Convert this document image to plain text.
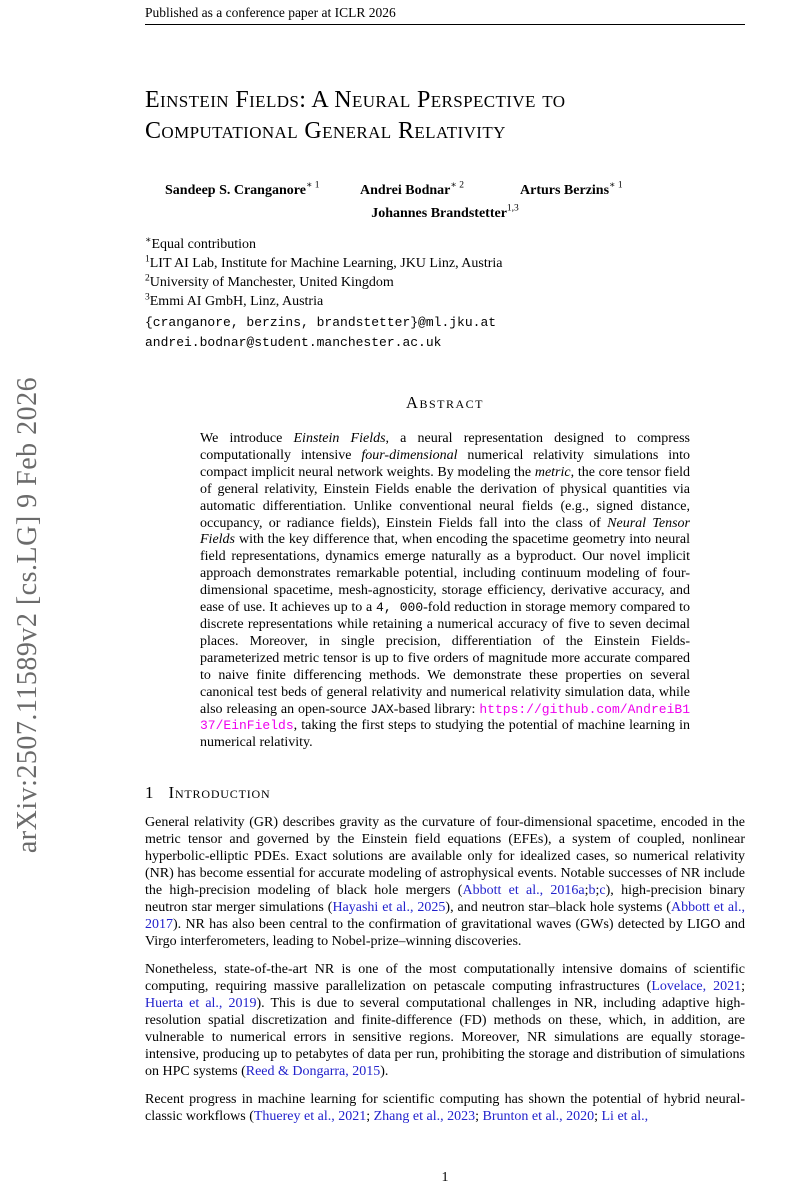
arXiv:2507.11589v2 [cs.LG] 9 Feb 2026
Published as a conference paper at ICLR 2026
Einstein Fields: A Neural Perspective to
Computational General Relativity
Sandeep S. Cranganore$^{∗ 1}$	Andrei Bodnar$^{∗ 2}$	Arturs Berzins$^{∗ 1}$
Johannes Brandstetter$^{1,3}$
∗Equal contribution
$^1$LIT AI Lab, Institute for Machine Learning, JKU Linz, Austria
$^2$University of Manchester, United Kingdom
$^3$Emmi AI GmbH, Linz, Austria
{cranganore, berzins, brandstetter}@ml.jku.at
andrei.bodnar@student.manchester.ac.uk
Abstract
We introduce Einstein Fields, a neural representation designed to compress computationally intensive four-dimensional numerical relativity simulations into compact implicit neural network weights. By modeling the metric, the core tensor field of general relativity, Einstein Fields enable the derivation of physical quantities via automatic differentiation. Unlike conventional neural fields (e.g., signed distance, occupancy, or radiance fields), Einstein Fields fall into the class of Neural Tensor Fields with the key difference that, when encoding the spacetime geometry into neural field representations, dynamics emerge naturally as a byproduct. Our novel implicit approach demonstrates remarkable potential, including continuum modeling of four-dimensional spacetime, mesh-agnosticity, storage efficiency, derivative accuracy, and ease of use. It achieves up to a 4, 000-fold reduction in storage memory compared to discrete representations while retaining a numerical accuracy of five to seven decimal places. Moreover, in single precision, differentiation of the Einstein Fields-parameterized metric tensor is up to five orders of magnitude more accurate compared to naive finite differencing methods. We demonstrate these properties on several canonical test beds of general relativity and numerical relativity simulation data, while also releasing an open-source JAX-based library: https://github.com/AndreiB137/EinFields, taking the first steps to studying the potential of machine learning in numerical relativity.
1 Introduction
General relativity (GR) describes gravity as the curvature of four-dimensional spacetime, encoded in the metric tensor and governed by the Einstein field equations (EFEs), a system of coupled, nonlinear hyperbolic-elliptic PDEs. Exact solutions are available only for idealized cases, so numerical relativity (NR) has become essential for accurate modeling of astrophysical events. Notable successes of NR include the high-precision modeling of black hole mergers (Abbott et al., 2016a;b;c), high-precision binary neutron star merger simulations (Hayashi et al., 2025), and neutron star–black hole systems (Abbott et al., 2017). NR has also been central to the confirmation of gravitational waves (GWs) detected by LIGO and Virgo interferometers, leading to Nobel-prize–winning discoveries.
Nonetheless, state-of-the-art NR is one of the most computationally intensive domains of scientific computing, requiring massive parallelization on petascale computing infrastructures (Lovelace, 2021; Huerta et al., 2019). This is due to several computational challenges in NR, including adaptive high-resolution spatial discretization and finite-difference (FD) methods on these, which, in addition, are vulnerable to numerical errors in sensitive regions. Moreover, NR simulations are equally storage-intensive, producing up to petabytes of data per run, prohibiting the storage and distribution of simulations on HPC systems (Reed & Dongarra, 2015).
Recent progress in machine learning for scientific computing has shown the potential of hybrid neural-classic workflows (Thuerey et al., 2021; Zhang et al., 2023; Brunton et al., 2020; Li et al.,
1
